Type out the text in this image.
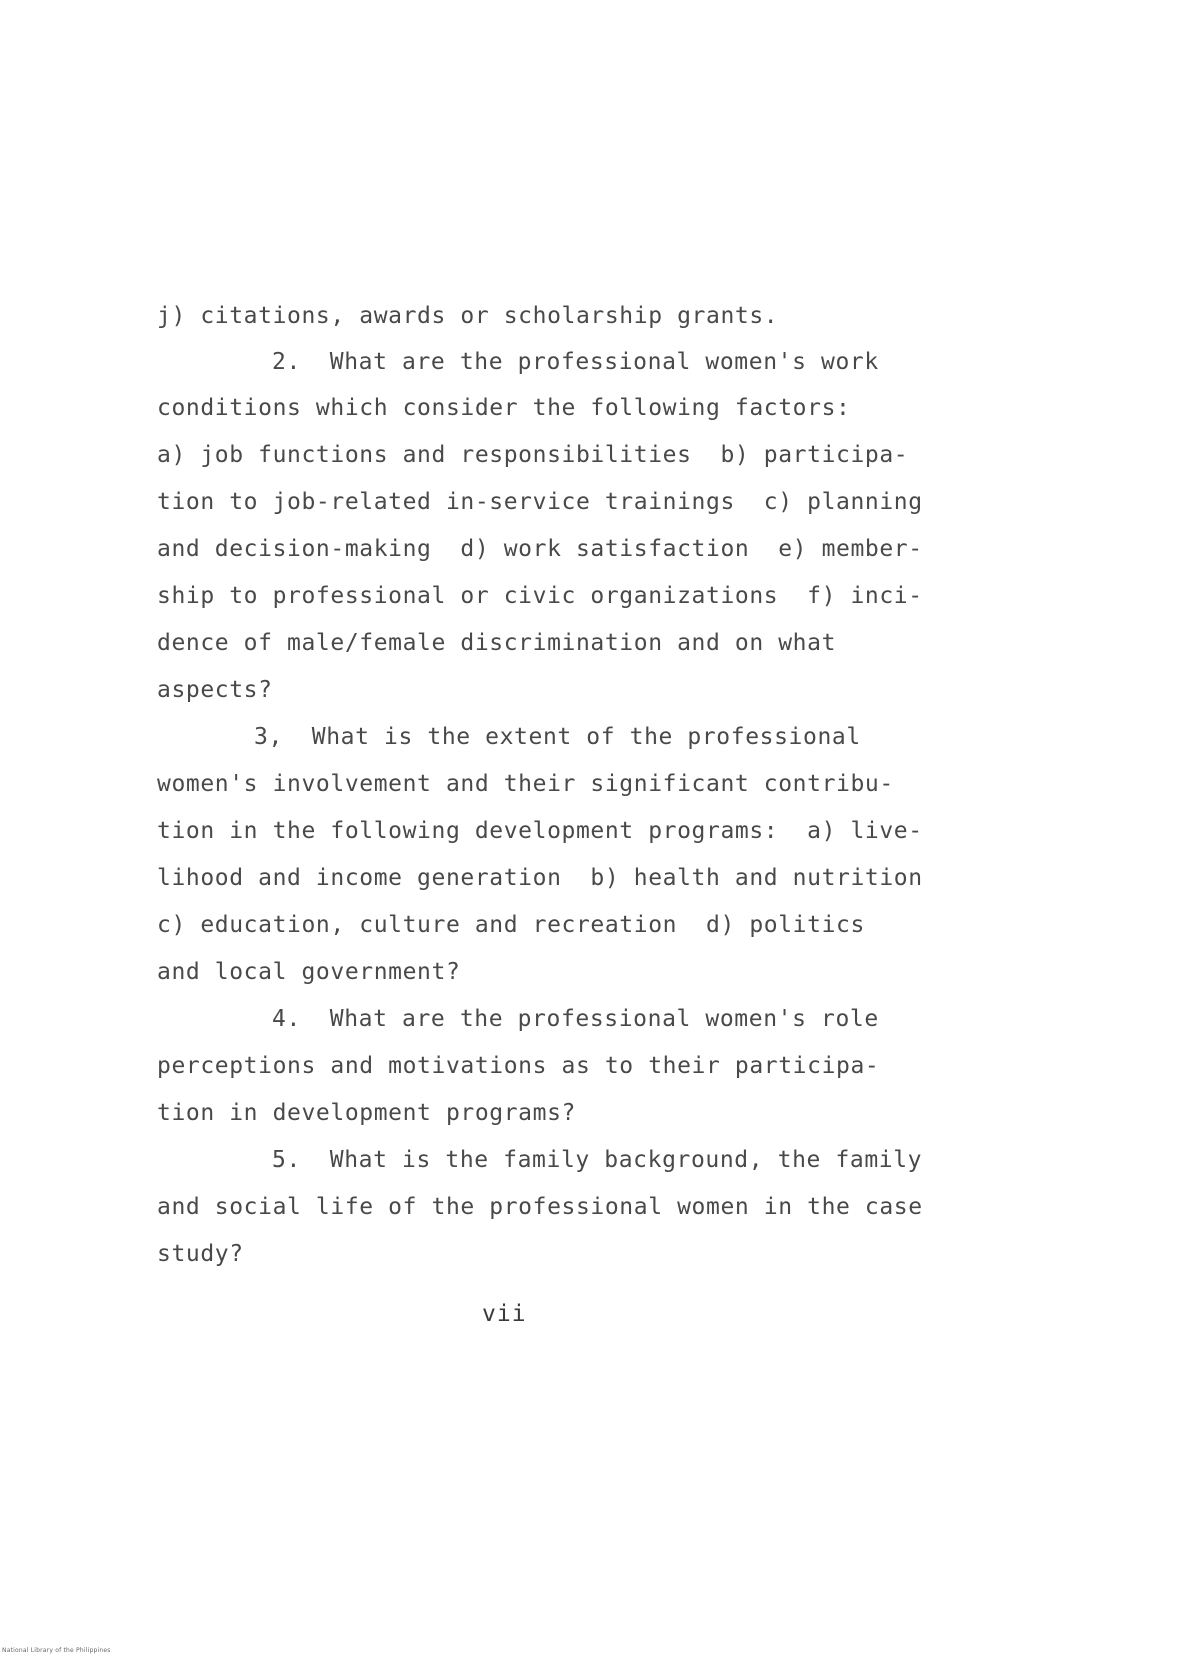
j) citations, awards or scholarship grants.
2.  What are the professional women's work
conditions which consider the following factors:
a) job functions and responsibilities  b) participa-
tion to job-related in-service trainings  c) planning
and decision-making  d) work satisfaction  e) member-
ship to professional or civic organizations  f) inci-
dence of male/female discrimination and on what
aspects?
3,  What is the extent of the professional
women's involvement and their significant contribu-
tion in the following development programs:  a) live-
lihood and income generation  b) health and nutrition
c) education, culture and recreation  d) politics
and local government?
4.  What are the professional women's role
perceptions and motivations as to their participa-
tion in development programs?
5.  What is the family background, the family
and social life of the professional women in the case
study?
vii
National Library of the Philippines
